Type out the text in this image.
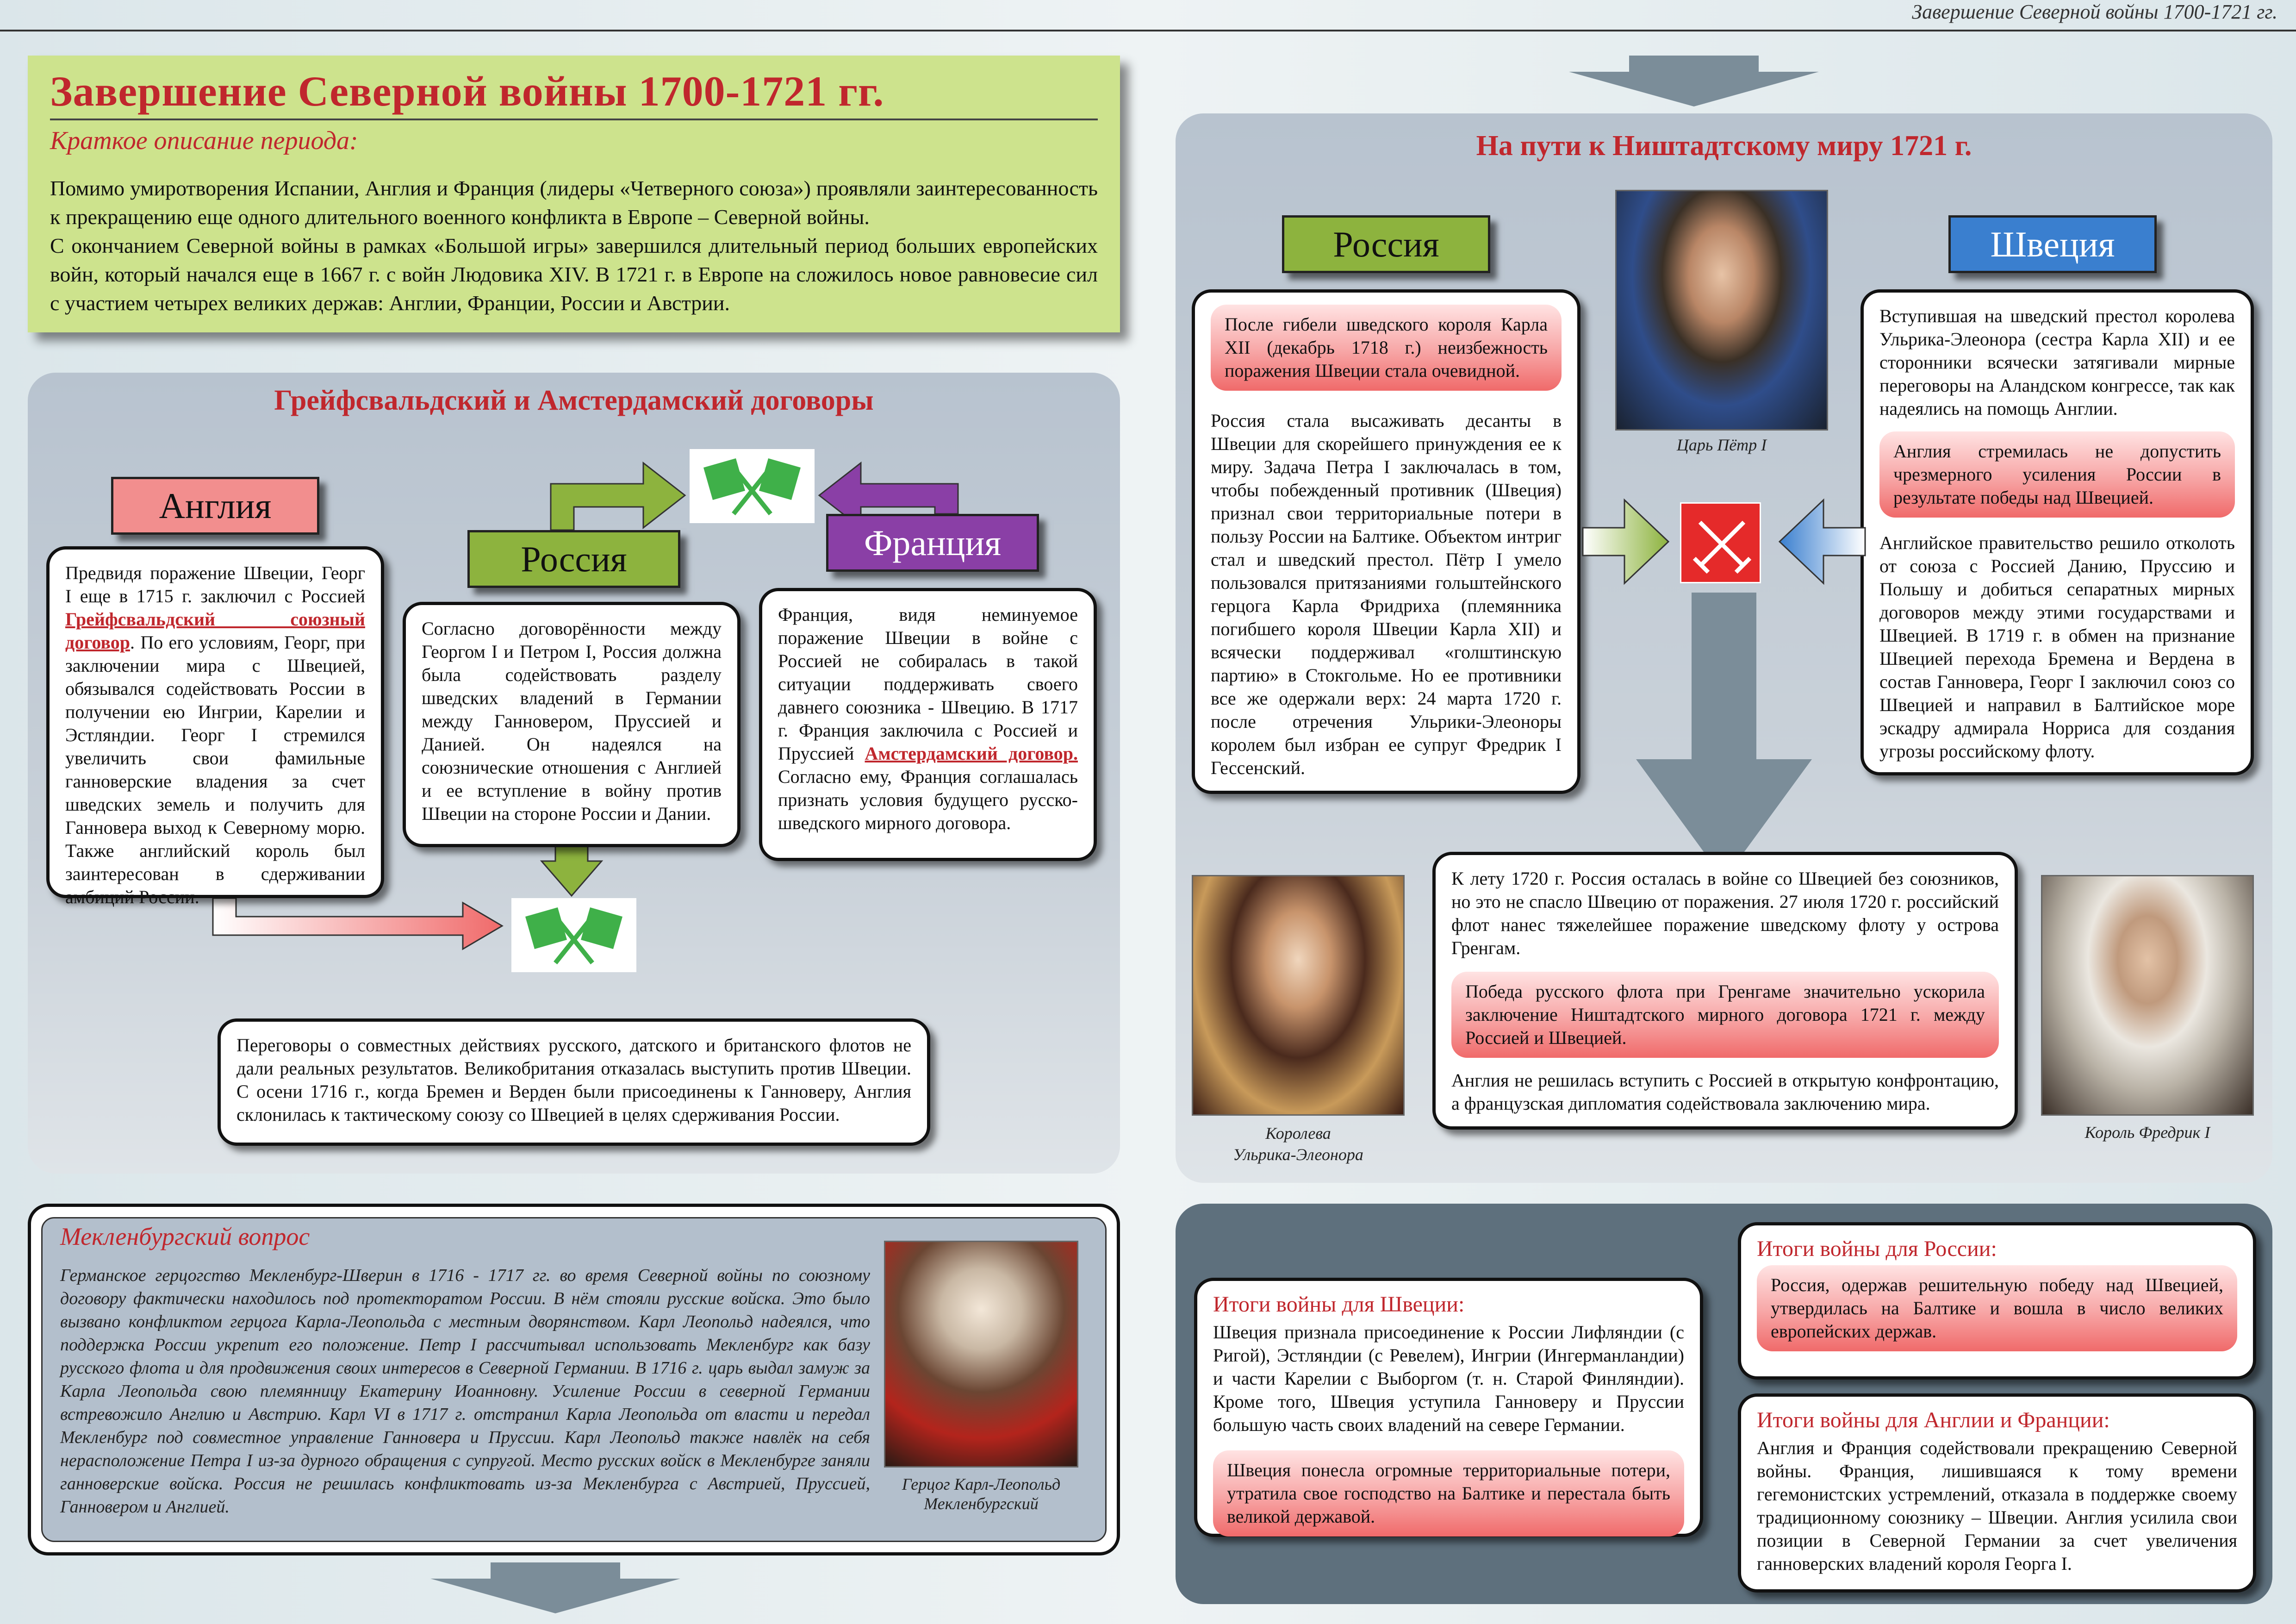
Завершение Северной войны 1700-1721 гг.
Завершение Северной войны 1700-1721 гг.
Краткое описание периода:

Помимо умиротворения Испании, Англия и Франция (лидеры «Четверного союза») проявляли заинтересованность к прекращению еще одного длительного военного конфликта в Европе – Северной войны.

С окончанием Северной войны в рамках «Большой игры» завершился длительный период больших европейских войн, который начался еще в 1667 г. с войн Людовика XIV. В 1721 г. в Европе на сложилось новое равновесие сил с участием четырех великих держав: Англии, Франции, России и Австрии.

Грейфсвальдский и Амстердамский договоры
Англия
Россия	Франция

Предвидя поражение Швеции, Георг I еще в 1715 г. заключил с Россией Грейфсвальдский союзный договор. По его условиям, Георг, при заключении мира с Швецией, обязывался содействовать России в получении ею Ингрии, Карелии и Эстляндии. Георг I стремился увеличить свои фамильные ганноверские владения за счет шведских земель и получить для Ганновера выход к Северному морю. Также английский король был заинтересован в сдерживании амбиций России.

Согласно договорённости между Георгом I и Петром I, Россия должна была содействовать разделу шведских владений в Германии между Ганновером, Пруссией и Данией. Он надеялся на союзнические отношения с Англией и ее вступление в войну против Швеции на стороне России и Дании.

Франция, видя неминуемое поражение Швеции в войне с Россией не собиралась в такой ситуации поддерживать своего давнего союзника - Швецию. В 1717 г. Франция заключила с Россией и Пруссией Амстердамский договор. Согласно ему, Франция соглашалась признать условия будущего русско-шведского мирного договора.

Переговоры о совместных действиях русского, датского и британского флотов не дали реальных результатов. Великобритания отказалась выступить против Швеции. С осени 1716 г., когда Бремен и Верден были присоединены к Ганноверу, Англия склонилась к тактическому союзу со Швецией в целях сдерживания России.

Мекленбургский вопрос
Германское герцогство Мекленбург-Шверин в 1716 - 1717 гг. во время Северной войны по союзному договору фактически находилось под протекторатом России. В нём стояли русские войска. Это было вызвано конфликтом герцога Карла-Леопольда с местным дворянством. Карл Леопольд надеялся, что поддержка России укрепит его положение. Петр I рассчитывал использовать Мекленбург как базу русского флота и для продвижения своих интересов в Северной Германии. В 1716 г. царь выдал замуж за Карла Леопольда свою племянницу Екатерину Иоанновну. Усиление России в северной Германии встревожило Англию и Австрию. Карл VI в 1717 г. отстранил Карла Леопольда от власти и передал Мекленбург под совместное управление Ганновера и Пруссии. Карл Леопольд также навлёк на себя нерасположение Петра I из-за дурного обращения с супругой. Место русских войск в Мекленбурге заняли ганноверские войска. Россия не решилась конфликтовать из-за Мекленбурга с Австрией, Пруссией, Ганновером и Англией.
Герцог Карл-Леопольд Мекленбургский
На пути к Ништадтскому миру 1721 г.
Россия	Швеция
Царь Пётр I
После гибели шведского короля Карла XII (декабрь 1718 г.) неизбежность поражения Швеции стала очевидной.

Россия стала высаживать десанты в Швеции для скорейшего принуждения ее к миру. Задача Петра I заключалась в том, чтобы побежденный противник (Швеция) признал свои территориальные потери в пользу России на Балтике. Объектом интриг стал и шведский престол. Пётр I умело пользовался притязаниями гольштейнского герцога Карла Фридриха (племянника погибшего короля Швеции Карла XII) и всячески поддерживал «голштинскую партию» в Стокгольме. Но ее противники все же одержали верх: 24 марта 1720 г. после отречения Ульрики-Элеоноры королем был избран ее супруг Фредрик I Гессенский.

Вступившая на шведский престол королева Ульрика-Элеонора (сестра Карла XII) и ее сторонники всячески затягивали мирные переговоры на Аландском конгрессе, так как надеялись на помощь Англии.

Англия стремилась не допустить чрезмерного усиления России в результате победы над Швецией.

Английское правительство решило отколоть от союза с Россией Данию, Пруссию и Польшу и добиться сепаратных мирных договоров между этими государствами и Швецией. В 1719 г. в обмен на признание Швецией перехода Бремена и Вердена в состав Ганновера, Георг I заключил союз со Швецией и направил в Балтийское море эскадру адмирала Норриса для создания угрозы российскому флоту.

Королева
Ульрика-Элеонора

К лету 1720 г. Россия осталась в войне со Швецией без союзников, но это не спасло Швецию от поражения. 27 июля 1720 г. российский флот нанес тяжелейшее поражение шведскому флоту у острова Гренгам.

Победа русского флота при Гренгаме значительно ускорила заключение Ништадтского мирного договора 1721 г. между Россией и Швецией.

Англия не решилась вступить с Россией в открытую конфронтацию, а французская дипломатия содействовала заключению мира.

Король Фредрик I
Итоги войны для Швеции:

Швеция признала присоединение к России Лифляндии (с Ригой), Эстляндии (с Ревелем), Ингрии (Ингерманландии) и части Карелии с Выборгом (т. н. Старой Финляндии). Кроме того, Швеция уступила Ганноверу и Пруссии большую часть своих владений на севере Германии.

Швеция понесла огромные территориальные потери, утратила свое господство на Балтике и перестала быть великой державой.
Итоги войны для России:
Россия, одержав решительную победу над Швецией, утвердилась на Балтике и вошла в число великих европейских держав.
Итоги войны для Англии и Франции:

Англия и Франция содействовали прекращению Северной войны. Франция, лишившаяся к тому времени гегемонистских устремлений, отказала в поддержке своему традиционному союзнику – Швеции. Англия усилила свои позиции в Северной Германии за счет увеличения ганноверских владений короля Георга I.
